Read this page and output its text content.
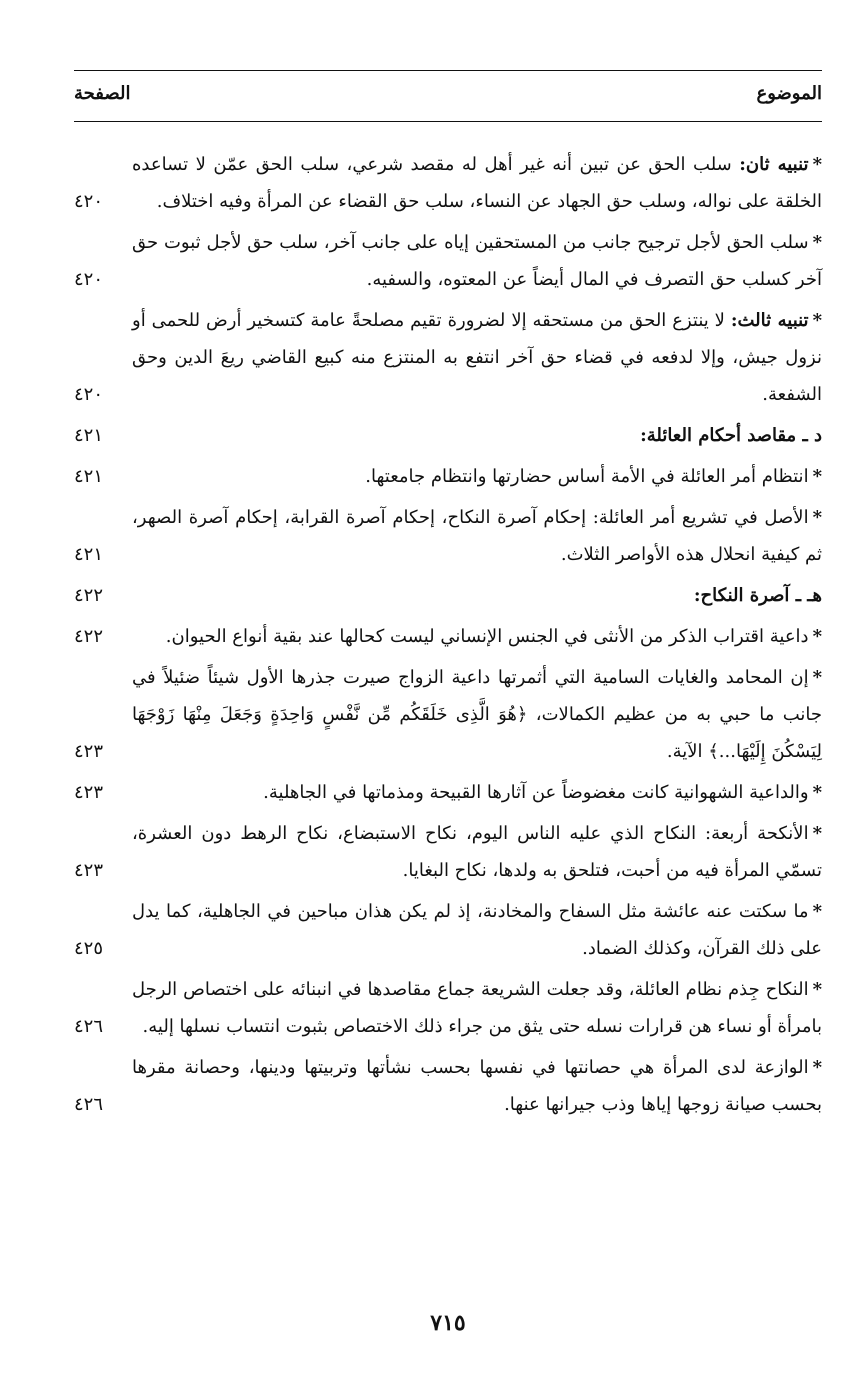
الموضوع
الصفحة
*تنبيه ثان: سلب الحق عن تبين أنه غير أهل له مقصد شرعي، سلب الحق عمّن لا تساعده الخلقة على نواله، وسلب حق الجهاد عن النساء، سلب حق القضاء عن المرأة وفيه اختلاف.
٤٢٠
*سلب الحق لأجل ترجيح جانب من المستحقين إياه على جانب آخر، سلب حق لأجل ثبوت حق آخر كسلب حق التصرف في المال أيضاً عن المعتوه، والسفيه.
٤٢٠
*تنبيه ثالث: لا ينتزع الحق من مستحقه إلا لضرورة تقيم مصلحةً عامة كتسخير أرض للحمى أو نزول جيش، وإلا لدفعه في قضاء حق آخر انتفع به المنتزع منه كبيع القاضي ريعَ الدين وحق الشفعة.
٤٢٠
د ـ مقاصد أحكام العائلة:
٤٢١
*انتظام أمر العائلة في الأمة أساس حضارتها وانتظام جامعتها.
٤٢١
*الأصل في تشريع أمر العائلة: إحكام آصرة النكاح، إحكام آصرة القرابة، إحكام آصرة الصهر، ثم كيفية انحلال هذه الأواصر الثلاث.
٤٢١
هـ ـ آصرة النكاح:
٤٢٢
*داعية اقتراب الذكر من الأنثى في الجنس الإنساني ليست كحالها عند بقية أنواع الحيوان.
٤٢٢
*إن المحامد والغايات السامية التي أثمرتها داعية الزواج صيرت جذرها الأول شيئاً ضئيلاً في جانب ما حبي به من عظيم الكمالات، ﴿هُوَ الَّذِى خَلَقَكُم مِّن نَّفْسٍ وَاحِدَةٍ وَجَعَلَ مِنْهَا زَوْجَهَا لِيَسْكُنَ إِلَيْهَا...﴾ الآية.
٤٢٣
*والداعية الشهوانية كانت مغضوضاً عن آثارها القبيحة ومذماتها في الجاهلية.
٤٢٣
*الأنكحة أربعة: النكاح الذي عليه الناس اليوم، نكاح الاستبضاع، نكاح الرهط دون العشرة، تسمّي المرأة فيه من أحبت، فتلحق به ولدها، نكاح البغايا.
٤٢٣
*ما سكتت عنه عائشة مثل السفاح والمخادنة، إذ لم يكن هذان مباحين في الجاهلية، كما يدل على ذلك القرآن، وكذلك الضماد.
٤٢٥
*النكاح جِذم نظام العائلة، وقد جعلت الشريعة جماع مقاصدها في انبنائه على اختصاص الرجل بامرأة أو نساء هن قرارات نسله حتى يثق من جراء ذلك الاختصاص بثبوت انتساب نسلها إليه.
٤٢٦
*الوازعة لدى المرأة هي حصانتها في نفسها بحسب نشأتها وتربيتها ودينها، وحصانة مقرها بحسب صيانة زوجها إياها وذب جيرانها عنها.
٤٢٦
٧١٥
